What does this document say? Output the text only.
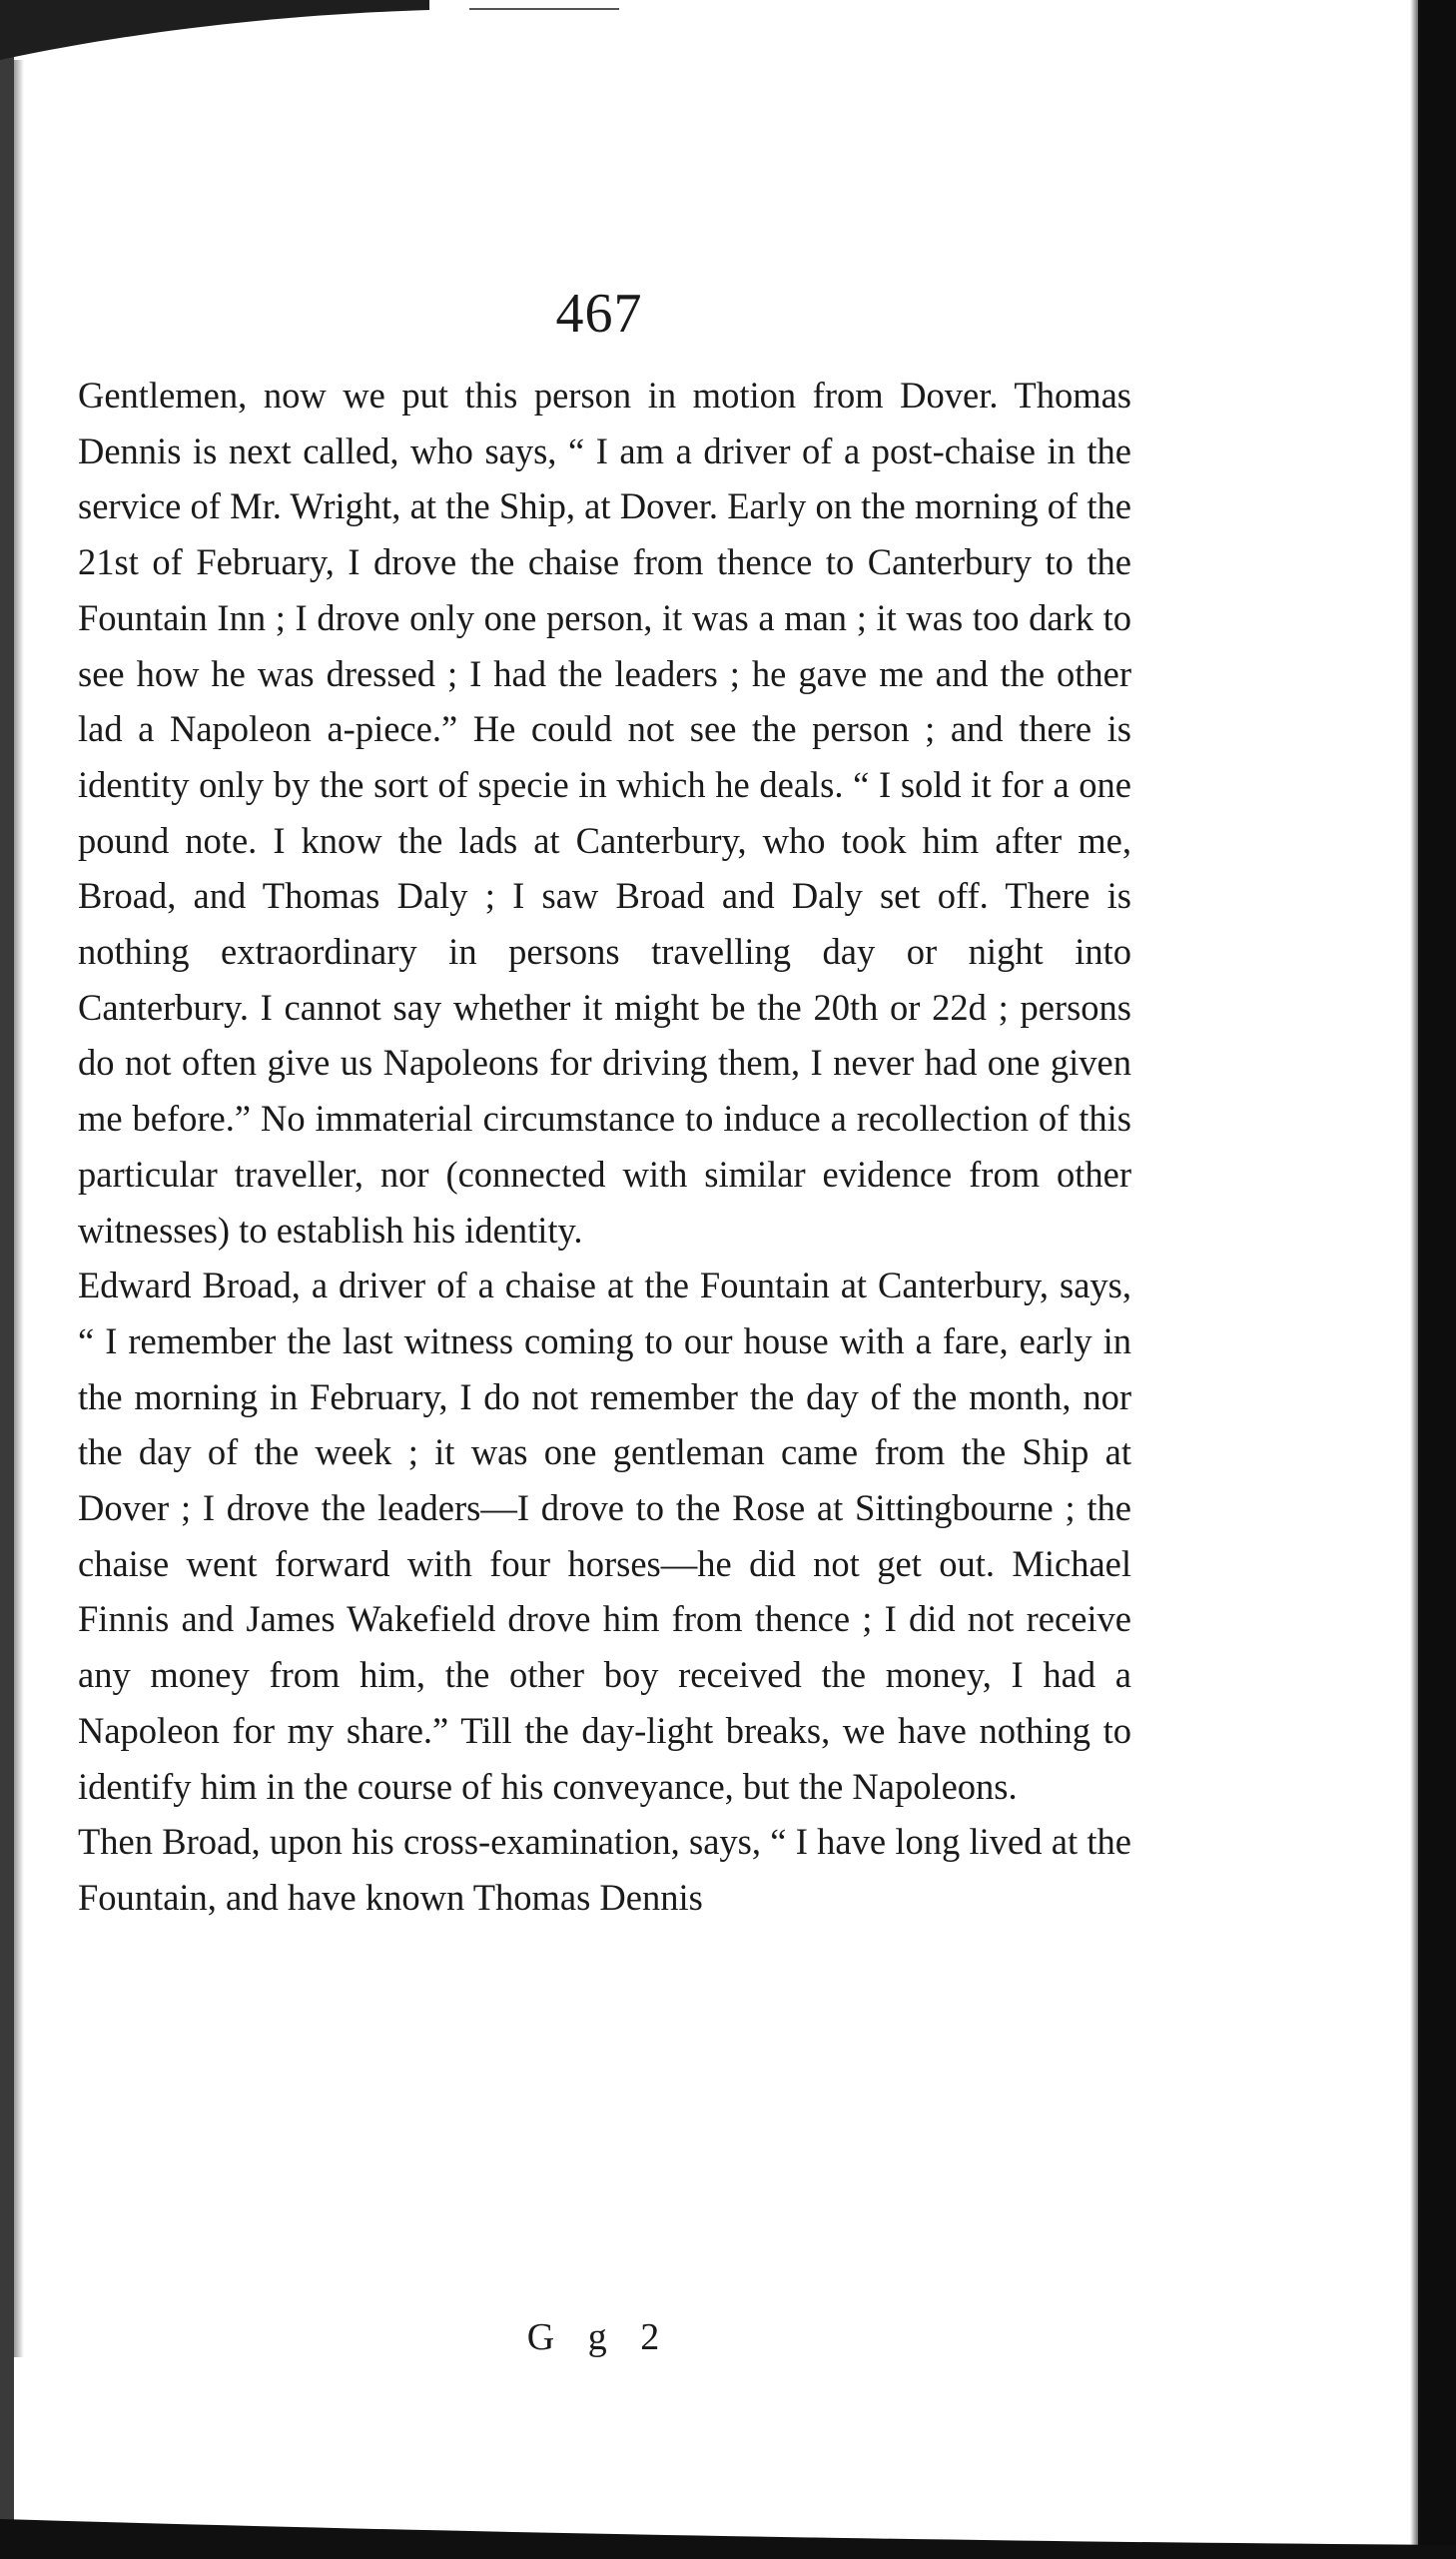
467

Gentlemen, now we put this person in motion from Dover. Thomas Dennis is next called, who says, “ I am a driver of a post-chaise in the service of Mr. Wright, at the Ship, at Dover. Early on the morning of the 21st of February, I drove the chaise from thence to Canterbury to the Fountain Inn ; I drove only one person, it was a man ; it was too dark to see how he was dressed ; I had the leaders ; he gave me and the other lad a Napoleon a-piece.” He could not see the person ; and there is identity only by the sort of specie in which he deals. “ I sold it for a one pound note. I know the lads at Canterbury, who took him after me, Broad, and Thomas Daly ; I saw Broad and Daly set off. There is nothing extraordinary in persons travelling day or night into Canterbury. I cannot say whether it might be the 20th or 22d ; persons do not often give us Napoleons for driving them, I never had one given me before.” No immaterial circumstance to induce a recollection of this particular traveller, nor (connected with similar evidence from other witnesses) to establish his identity.

Edward Broad, a driver of a chaise at the Fountain at Canterbury, says, “ I remember the last witness coming to our house with a fare, early in the morning in February, I do not remember the day of the month, nor the day of the week ; it was one gentleman came from the Ship at Dover ; I drove the leaders—I drove to the Rose at Sittingbourne ; the chaise went forward with four horses—he did not get out. Michael Finnis and James Wakefield drove him from thence ; I did not receive any money from him, the other boy received the money, I had a Napoleon for my share.” Till the day-light breaks, we have nothing to identify him in the course of his conveyance, but the Napoleons.

Then Broad, upon his cross-examination, says, “ I have long lived at the Fountain, and have known Thomas Dennis

G g 2
